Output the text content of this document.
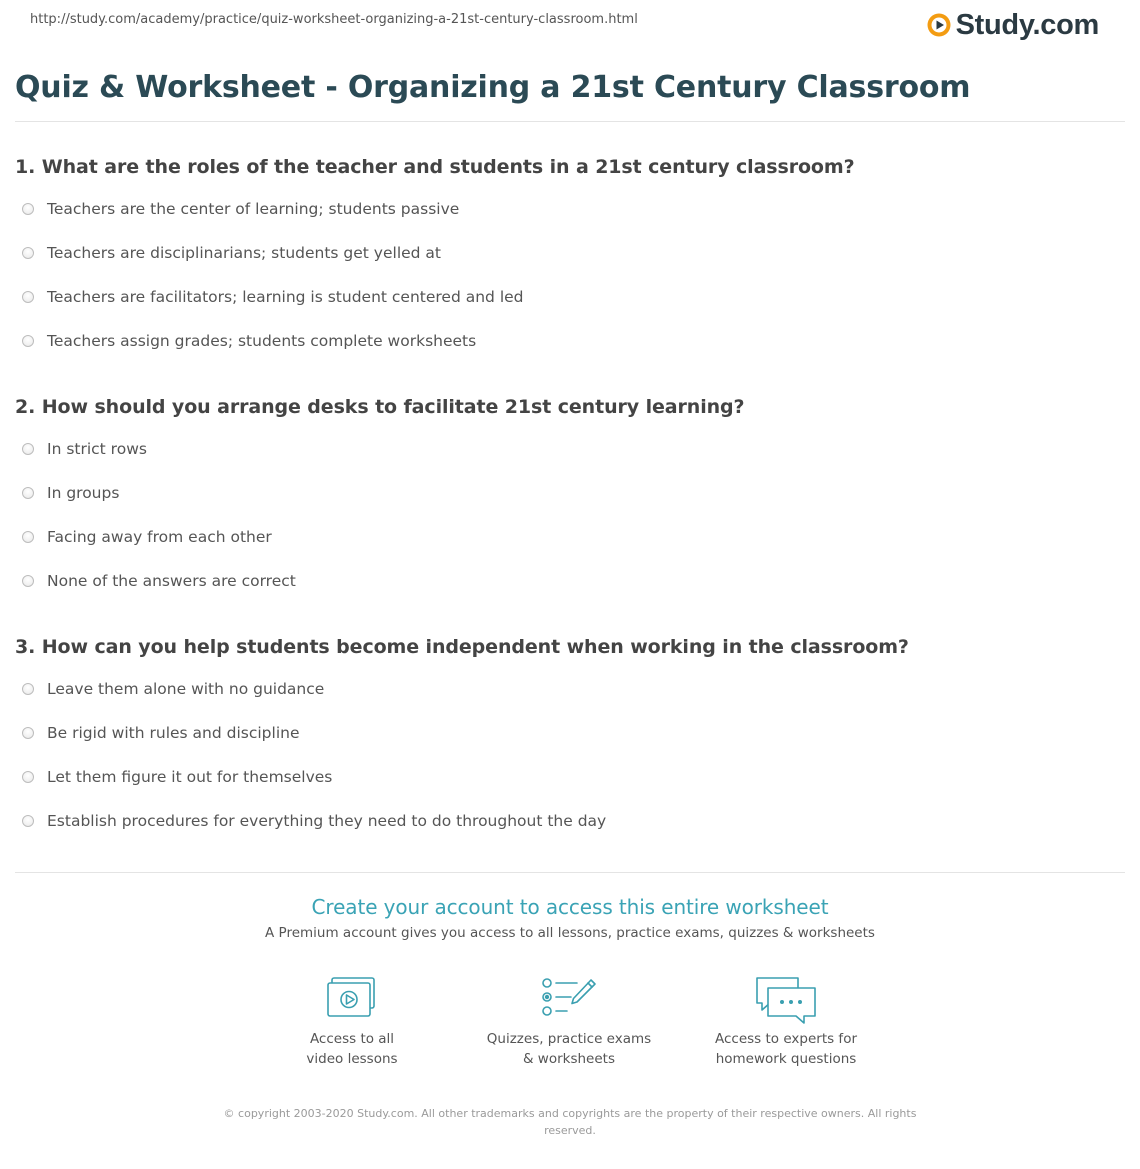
http://study.com/academy/practice/quiz-worksheet-organizing-a-21st-century-classroom.html	Study.com
Quiz & Worksheet - Organizing a 21st Century Classroom
1. What are the roles of the teacher and students in a 21st century classroom?
Teachers are the center of learning; students passive
Teachers are disciplinarians; students get yelled at
Teachers are facilitators; learning is student centered and led
Teachers assign grades; students complete worksheets
2. How should you arrange desks to facilitate 21st century learning?
In strict rows
In groups
Facing away from each other
None of the answers are correct
3. How can you help students become independent when working in the classroom?
Leave them alone with no guidance
Be rigid with rules and discipline
Let them figure it out for themselves
Establish procedures for everything they need to do throughout the day
Create your account to access this entire worksheet
A Premium account gives you access to all lessons, practice exams, quizzes & worksheets
Access to all
video lessons
Quizzes, practice exams
& worksheets
Access to experts for
homework questions
© copyright 2003-2020 Study.com. All other trademarks and copyrights are the property of their respective owners. All rights
reserved.
